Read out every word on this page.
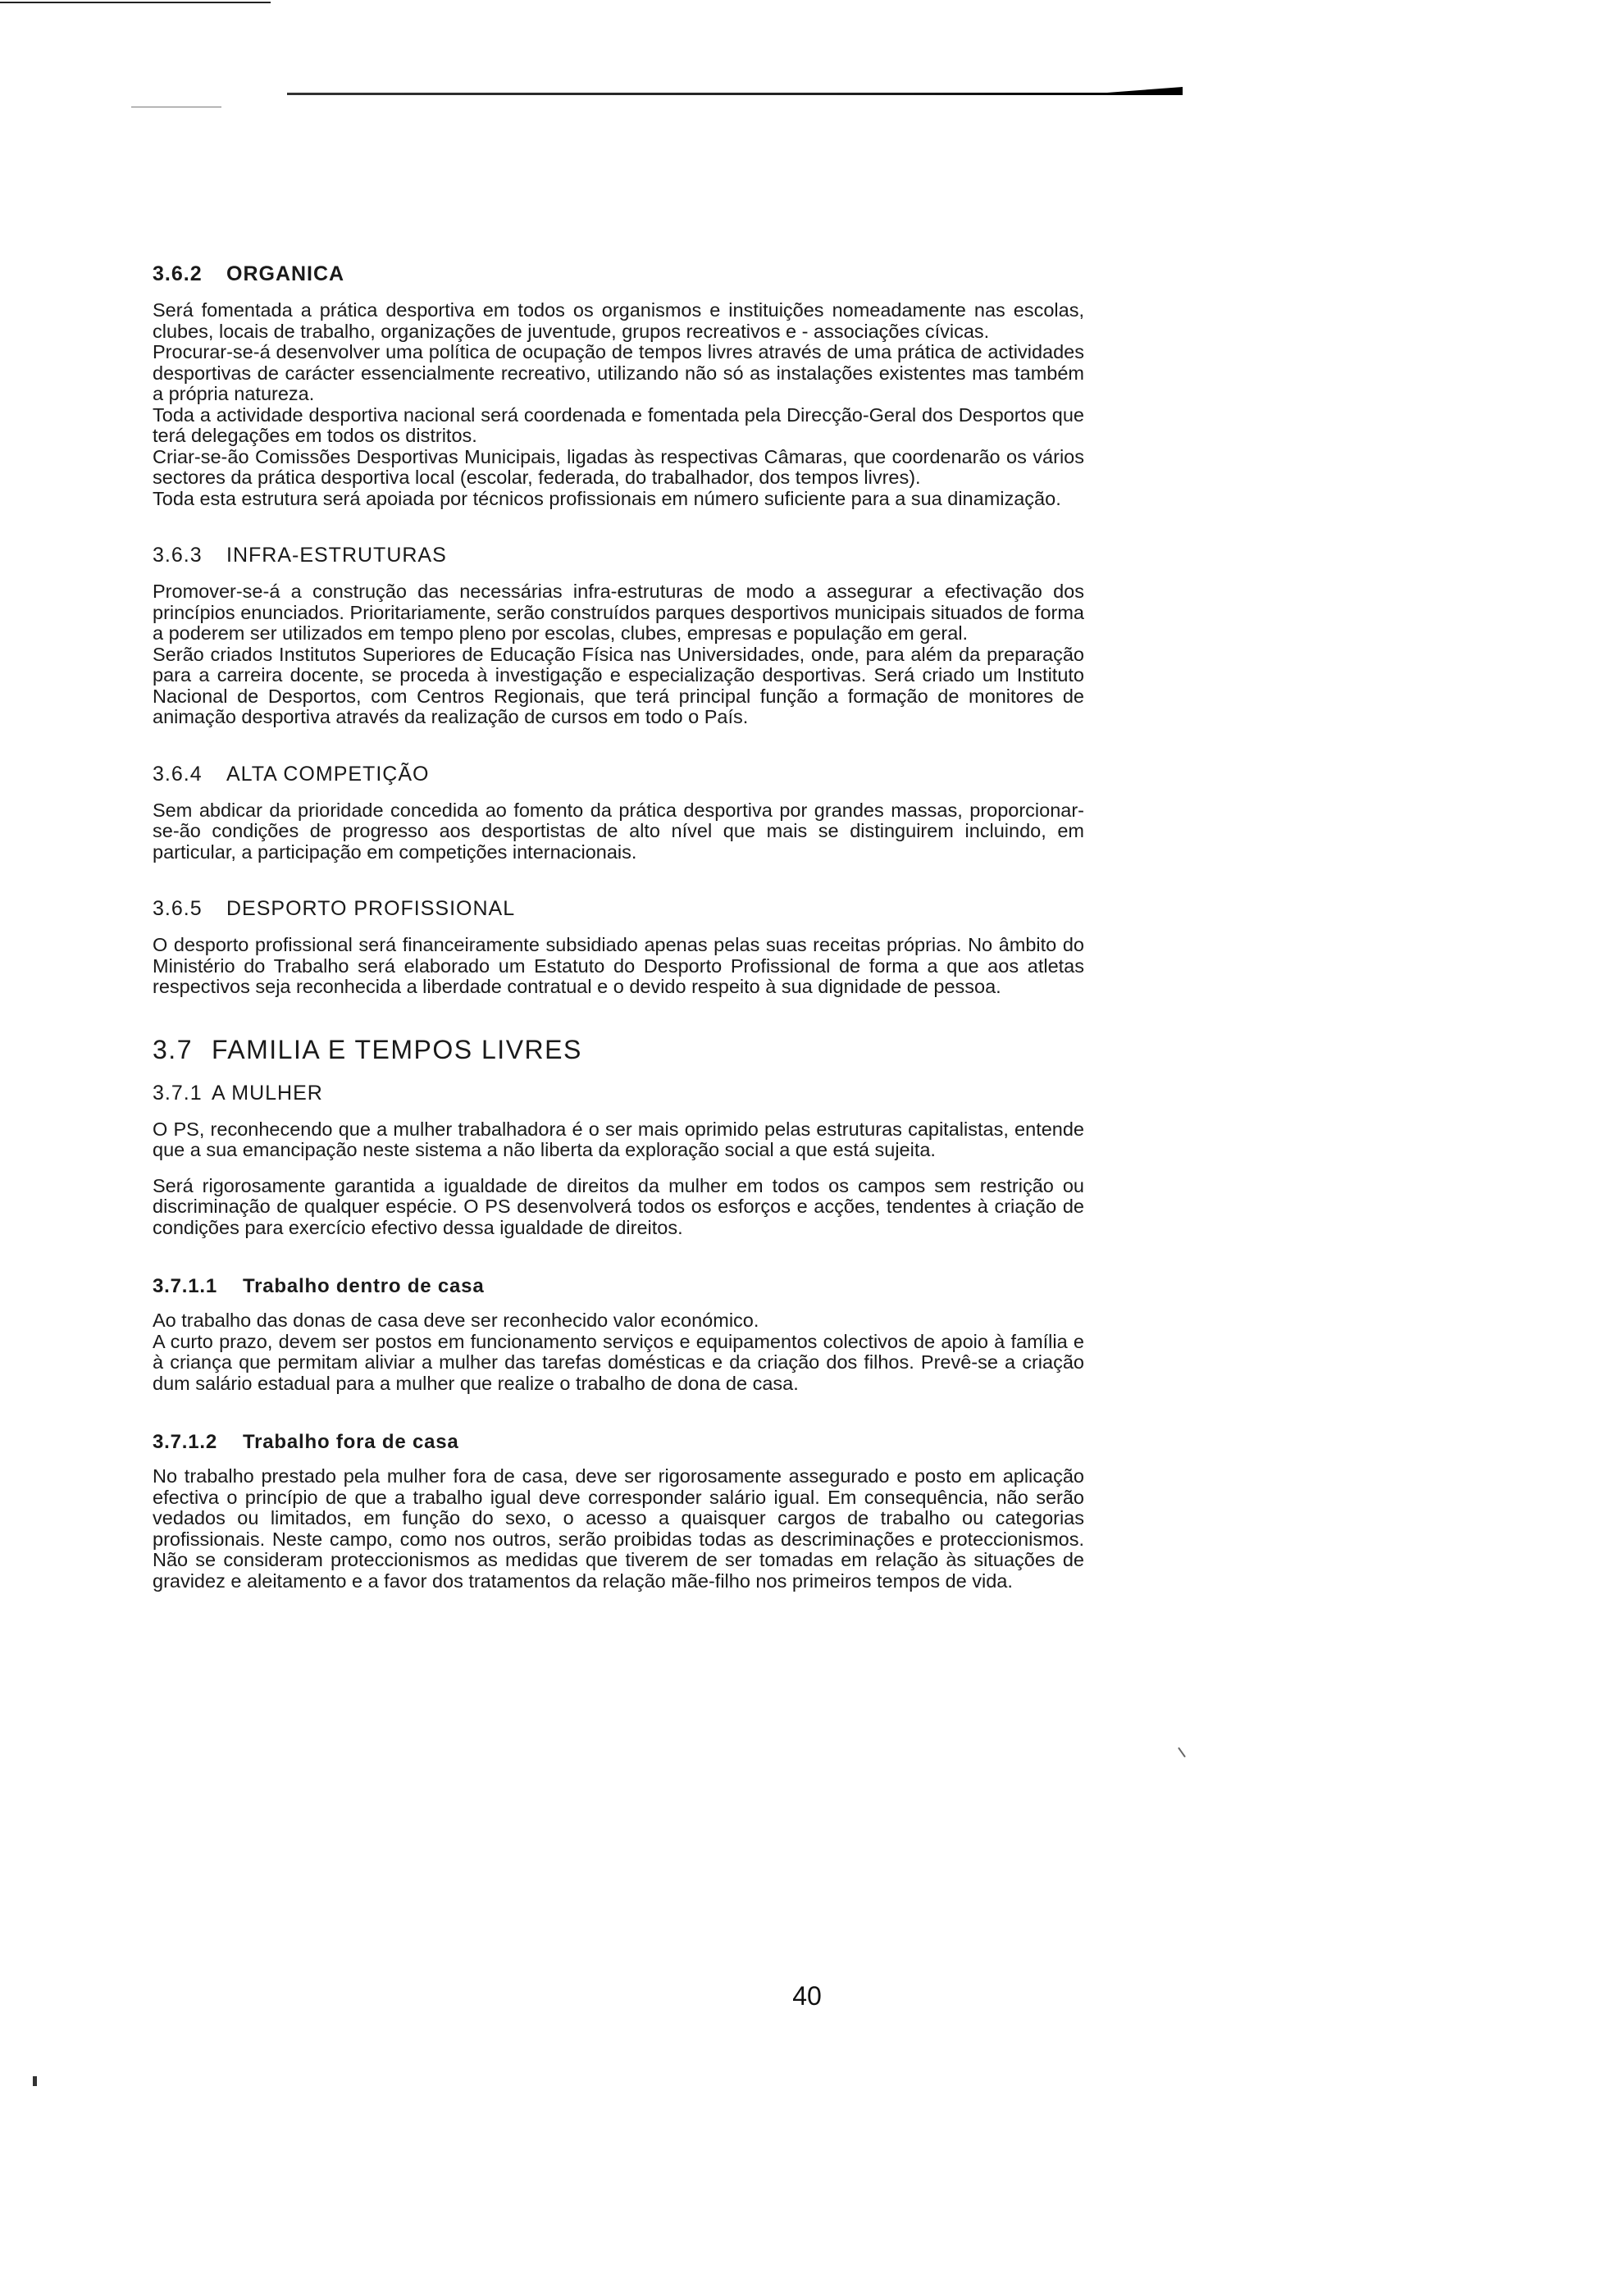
3.6.2 ORGANICA

Será fomentada a prática desportiva em todos os organismos e instituições nomeadamente nas escolas, clubes, locais de trabalho, organizações de juventude, grupos recreativos e - associações cívicas.

Procurar-se-á desenvolver uma política de ocupação de tempos livres através de uma prática de actividades desportivas de carácter essencialmente recreativo, utilizando não só as instalações existentes mas também a própria natureza.

Toda a actividade desportiva nacional será coordenada e fomentada pela Direcção-Geral dos Desportos que terá delegações em todos os distritos.

Criar-se-ão Comissões Desportivas Municipais, ligadas às respectivas Câmaras, que coordenarão os vários sectores da prática desportiva local (escolar, federada, do trabalhador, dos tempos livres).

Toda esta estrutura será apoiada por técnicos profissionais em número suficiente para a sua dinamização.

3.6.3 INFRA-ESTRUTURAS

Promover-se-á a construção das necessárias infra-estruturas de modo a assegurar a efectivação dos princípios enunciados. Prioritariamente, serão construídos parques desportivos municipais situados de forma a poderem ser utilizados em tempo pleno por escolas, clubes, empresas e população em geral.

Serão criados Institutos Superiores de Educação Física nas Universidades, onde, para além da preparação para a carreira docente, se proceda à investigação e especialização desportivas. Será criado um Instituto Nacional de Desportos, com Centros Regionais, que terá principal função a formação de monitores de animação desportiva através da realização de cursos em todo o País.

3.6.4 ALTA COMPETIÇÃO

Sem abdicar da prioridade concedida ao fomento da prática desportiva por grandes massas, proporcionar-se-ão condições de progresso aos desportistas de alto nível que mais se distinguirem incluindo, em particular, a participação em competições internacionais.

3.6.5 DESPORTO PROFISSIONAL

O desporto profissional será financeiramente subsidiado apenas pelas suas receitas próprias. No âmbito do Ministério do Trabalho será elaborado um Estatuto do Desporto Profissional de forma a que aos atletas respectivos seja reconhecida a liberdade contratual e o devido respeito à sua dignidade de pessoa.

3.7 FAMILIA E TEMPOS LIVRES
3.7.1 A MULHER

O PS, reconhecendo que a mulher trabalhadora é o ser mais oprimido pelas estruturas capitalistas, entende que a sua emancipação neste sistema a não liberta da exploração social a que está sujeita.

Será rigorosamente garantida a igualdade de direitos da mulher em todos os campos sem restrição ou discriminação de qualquer espécie. O PS desenvolverá todos os esforços e acções, tendentes à criação de condições para exercício efectivo dessa igualdade de direitos.

3.7.1.1 Trabalho dentro de casa

Ao trabalho das donas de casa deve ser reconhecido valor económico.

A curto prazo, devem ser postos em funcionamento serviços e equipamentos colectivos de apoio à família e à criança que permitam aliviar a mulher das tarefas domésticas e da criação dos filhos. Prevê-se a criação dum salário estadual para a mulher que realize o trabalho de dona de casa.

3.7.1.2 Trabalho fora de casa

No trabalho prestado pela mulher fora de casa, deve ser rigorosamente assegurado e posto em aplicação efectiva o princípio de que a trabalho igual deve corresponder salário igual. Em consequência, não serão vedados ou limitados, em função do sexo, o acesso a quaisquer cargos de trabalho ou categorias profissionais. Neste campo, como nos outros, serão proibidas todas as descriminações e proteccionismos. Não se consideram proteccionismos as medidas que tiverem de ser tomadas em relação às situações de gravidez e aleitamento e a favor dos tratamentos da relação mãe-filho nos primeiros tempos de vida.

40
